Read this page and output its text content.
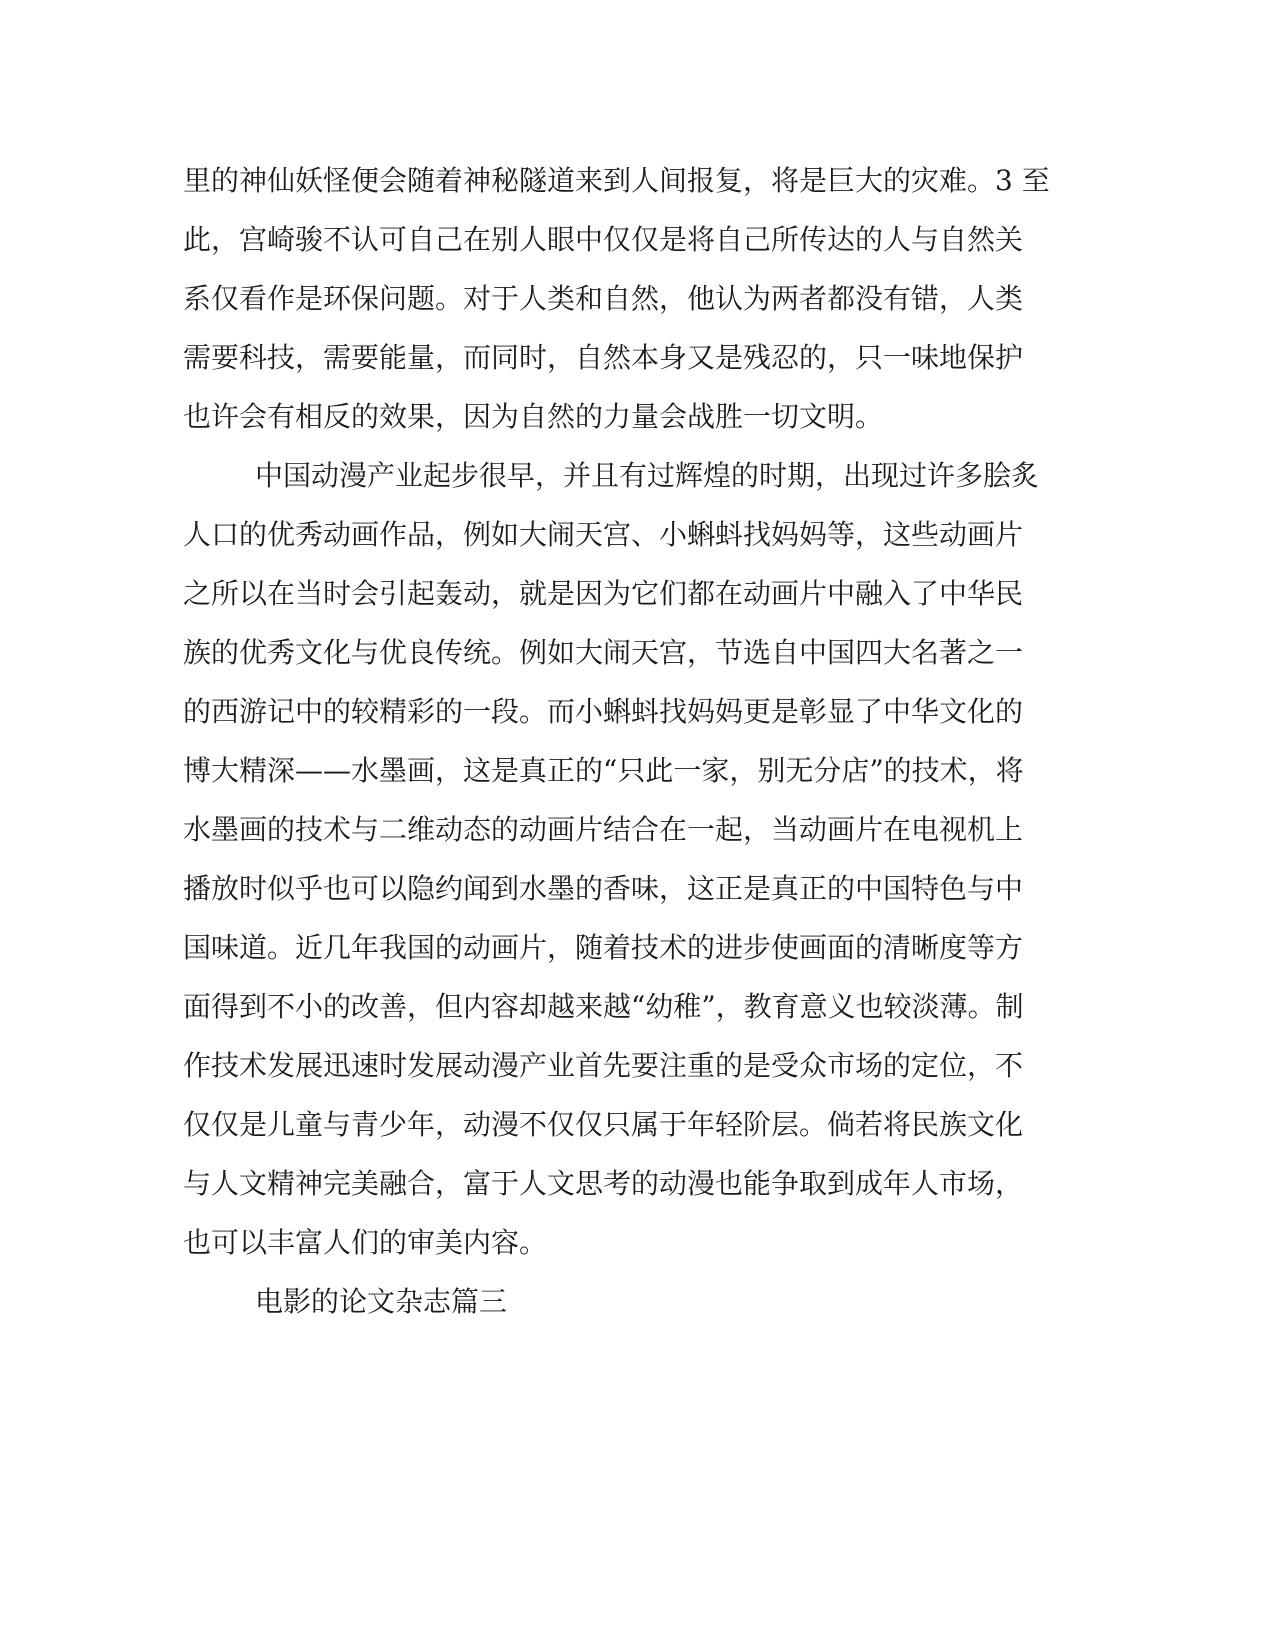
里的神仙妖怪便会随着神秘隧道来到人间报复，将是巨大的灾难。3 至
此，宫崎骏不认可自己在别人眼中仅仅是将自己所传达的人与自然关
系仅看作是环保问题。对于人类和自然，他认为两者都没有错，人类
需要科技，需要能量，而同时，自然本身又是残忍的，只一味地保护
也许会有相反的效果，因为自然的力量会战胜一切文明。
中国动漫产业起步很早，并且有过辉煌的时期，出现过许多脍炙
人口的优秀动画作品，例如大闹天宫、小蝌蚪找妈妈等，这些动画片
之所以在当时会引起轰动，就是因为它们都在动画片中融入了中华民
族的优秀文化与优良传统。例如大闹天宫，节选自中国四大名著之一
的西游记中的较精彩的一段。而小蝌蚪找妈妈更是彰显了中华文化的
博大精深——水墨画，这是真正的“只此一家，别无分店”的技术，将
水墨画的技术与二维动态的动画片结合在一起，当动画片在电视机上
播放时似乎也可以隐约闻到水墨的香味，这正是真正的中国特色与中
国味道。近几年我国的动画片，随着技术的进步使画面的清晰度等方
面得到不小的改善，但内容却越来越“幼稚”，教育意义也较淡薄。制
作技术发展迅速时发展动漫产业首先要注重的是受众市场的定位，不
仅仅是儿童与青少年，动漫不仅仅只属于年轻阶层。倘若将民族文化
与人文精神完美融合，富于人文思考的动漫也能争取到成年人市场，
也可以丰富人们的审美内容。
电影的论文杂志篇三
